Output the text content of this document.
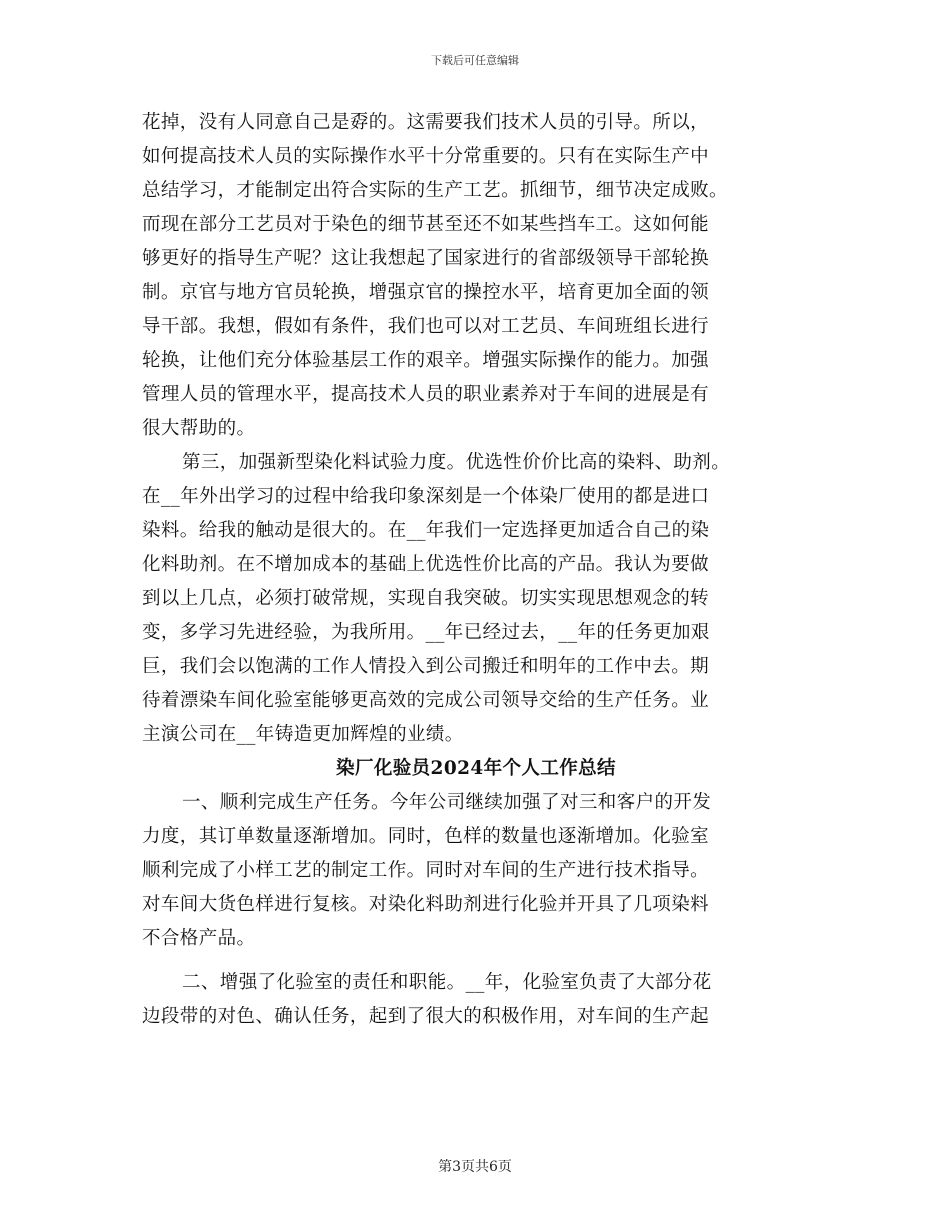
下载后可任意编辑
花掉，没有人同意自己是孬的。这需要我们技术人员的引导。所以，
如何提高技术人员的实际操作水平十分常重要的。只有在实际生产中
总结学习，才能制定出符合实际的生产工艺。抓细节，细节决定成败。
而现在部分工艺员对于染色的细节甚至还不如某些挡车工。这如何能
够更好的指导生产呢？这让我想起了国家进行的省部级领导干部轮换
制。京官与地方官员轮换，增强京官的操控水平，培育更加全面的领
导干部。我想，假如有条件，我们也可以对工艺员、车间班组长进行
轮换，让他们充分体验基层工作的艰辛。增强实际操作的能力。加强
管理人员的管理水平，提高技术人员的职业素养对于车间的进展是有
很大帮助的。
第三，加强新型染化料试验力度。优选性价价比高的染料、助剂。
在__年外出学习的过程中给我印象深刻是一个体染厂使用的都是进口
染料。给我的触动是很大的。在__年我们一定选择更加适合自己的染
化料助剂。在不增加成本的基础上优选性价比高的产品。我认为要做
到以上几点，必须打破常规，实现自我突破。切实实现思想观念的转
变，多学习先进经验，为我所用。__年已经过去，__年的任务更加艰
巨，我们会以饱满的工作人情投入到公司搬迁和明年的工作中去。期
待着漂染车间化验室能够更高效的完成公司领导交给的生产任务。业
主演公司在__年铸造更加辉煌的业绩。
染厂化验员2024年个人工作总结
一、顺利完成生产任务。今年公司继续加强了对三和客户的开发
力度，其订单数量逐渐增加。同时，色样的数量也逐渐增加。化验室
顺利完成了小样工艺的制定工作。同时对车间的生产进行技术指导。
对车间大货色样进行复核。对染化料助剂进行化验并开具了几项染料
不合格产品。
二、增强了化验室的责任和职能。__年，化验室负责了大部分花
边段带的对色、确认任务，起到了很大的积极作用，对车间的生产起
第3页共6页
